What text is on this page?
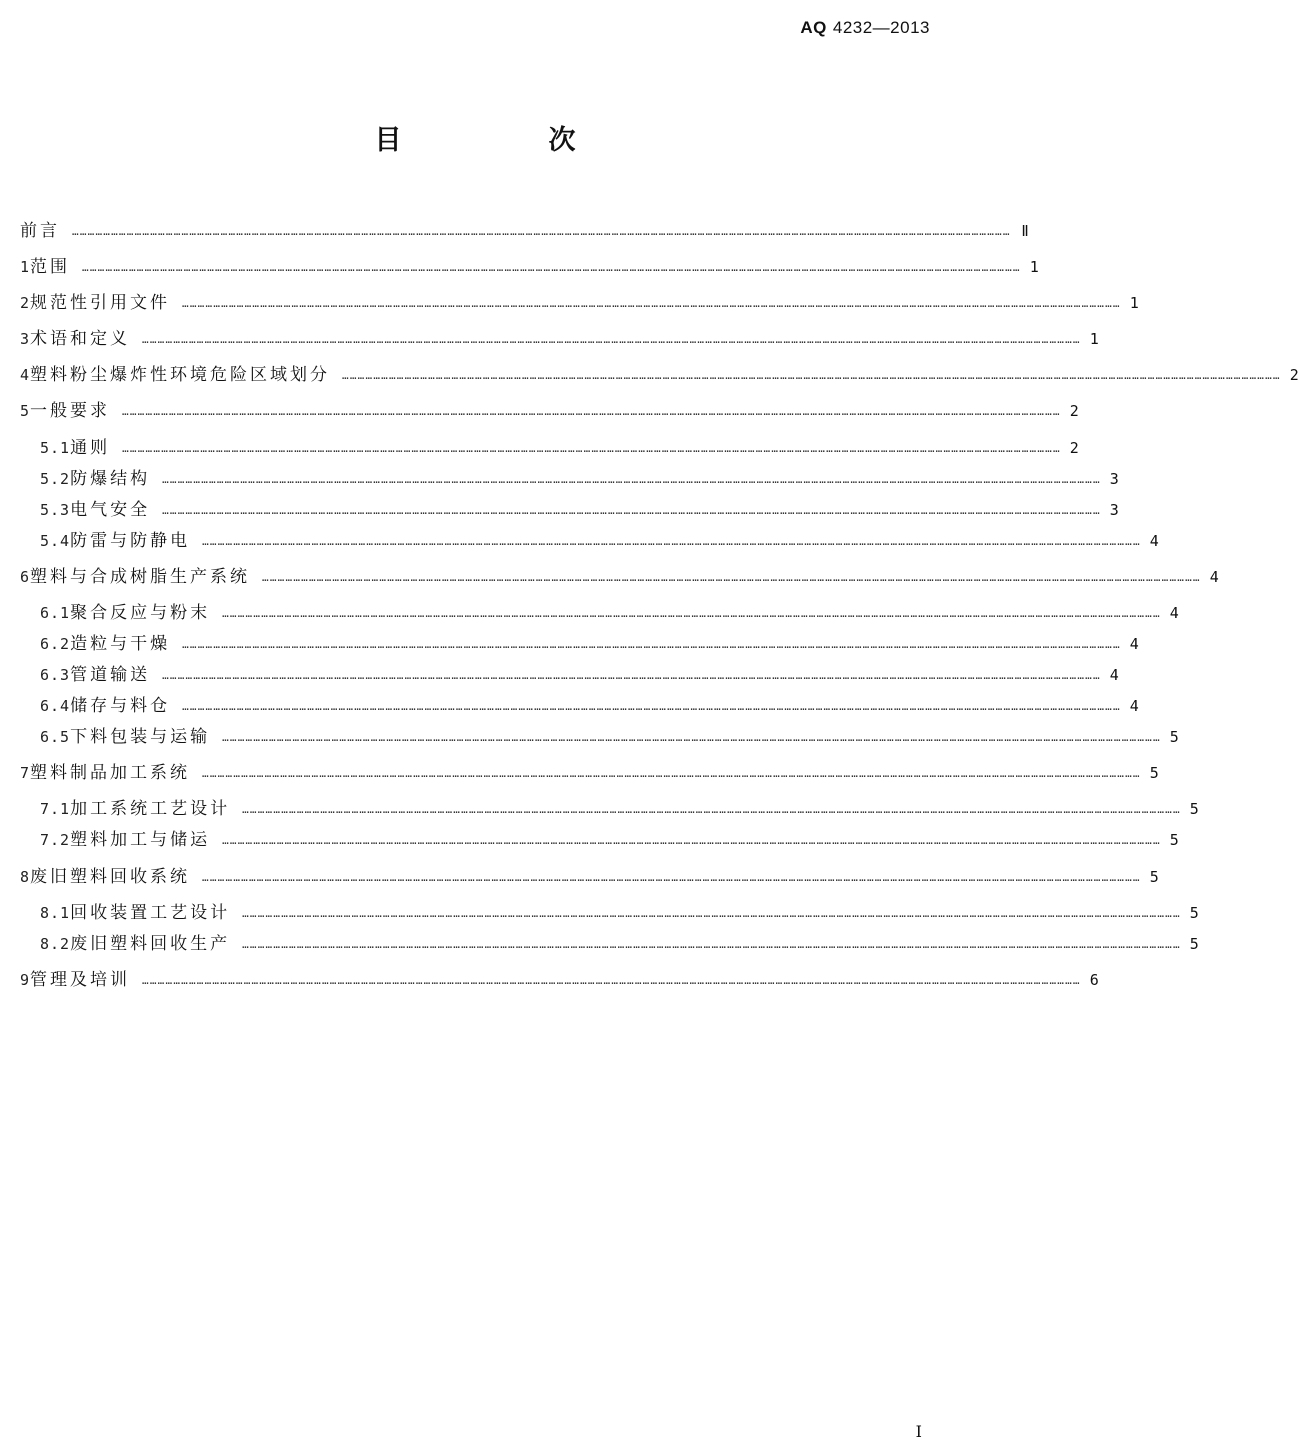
AQ 4232—2013
目　次
前言 ……………………………………………………………………………………………………………………………………………………………………………………………………………………………………………………………………………………………………………………………… Ⅱ
1 范围 ……………………………………………………………………………………………………………………………………………………………………………………………………………………………………………………………………………………………………………………………… 1
2 规范性引用文件 ……………………………………………………………………………………………………………………………………………………………………………………………………………………………………………………………………………………………………………………………… 1
3 术语和定义 ……………………………………………………………………………………………………………………………………………………………………………………………………………………………………………………………………………………………………………………………… 1
4 塑料粉尘爆炸性环境危险区域划分 ……………………………………………………………………………………………………………………………………………………………………………………………………………………………………………………………………………………………………………………………… 2
5 一般要求 ……………………………………………………………………………………………………………………………………………………………………………………………………………………………………………………………………………………………………………………………… 2
5.1 通则 ……………………………………………………………………………………………………………………………………………………………………………………………………………………………………………………………………………………………………………………………… 2
5.2 防爆结构 ……………………………………………………………………………………………………………………………………………………………………………………………………………………………………………………………………………………………………………………………… 3
5.3 电气安全 ……………………………………………………………………………………………………………………………………………………………………………………………………………………………………………………………………………………………………………………………… 3
5.4 防雷与防静电 ……………………………………………………………………………………………………………………………………………………………………………………………………………………………………………………………………………………………………………………………… 4
6 塑料与合成树脂生产系统 ……………………………………………………………………………………………………………………………………………………………………………………………………………………………………………………………………………………………………………………………… 4
6.1 聚合反应与粉末 ……………………………………………………………………………………………………………………………………………………………………………………………………………………………………………………………………………………………………………………………… 4
6.2 造粒与干燥 ……………………………………………………………………………………………………………………………………………………………………………………………………………………………………………………………………………………………………………………………… 4
6.3 管道输送 ……………………………………………………………………………………………………………………………………………………………………………………………………………………………………………………………………………………………………………………………… 4
6.4 储存与料仓 ……………………………………………………………………………………………………………………………………………………………………………………………………………………………………………………………………………………………………………………………… 4
6.5 下料包装与运输 ……………………………………………………………………………………………………………………………………………………………………………………………………………………………………………………………………………………………………………………………… 5
7 塑料制品加工系统 ……………………………………………………………………………………………………………………………………………………………………………………………………………………………………………………………………………………………………………………………… 5
7.1 加工系统工艺设计 ……………………………………………………………………………………………………………………………………………………………………………………………………………………………………………………………………………………………………………………………… 5
7.2 塑料加工与储运 ……………………………………………………………………………………………………………………………………………………………………………………………………………………………………………………………………………………………………………………………… 5
8 废旧塑料回收系统 ……………………………………………………………………………………………………………………………………………………………………………………………………………………………………………………………………………………………………………………………… 5
8.1 回收装置工艺设计 ……………………………………………………………………………………………………………………………………………………………………………………………………………………………………………………………………………………………………………………………… 5
8.2 废旧塑料回收生产 ……………………………………………………………………………………………………………………………………………………………………………………………………………………………………………………………………………………………………………………………… 5
9 管理及培训 ……………………………………………………………………………………………………………………………………………………………………………………………………………………………………………………………………………………………………………………………… 6
Ⅰ
